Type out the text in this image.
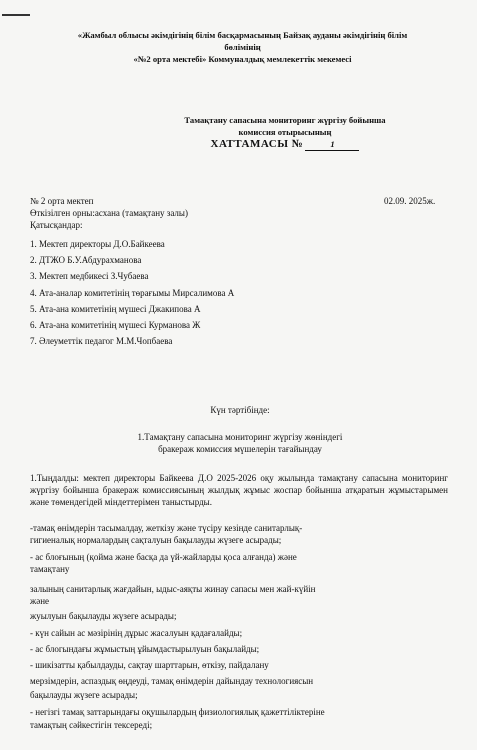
«Жамбыл облысы әкімдігінің білім басқармасының Байзақ ауданы әкімдігінің білім
бөлімінің
«№2 орта мектебі» Коммуналдық мемлекеттік мекемесі
Тамақтану сапасына мониторинг жүргізу бойынша
комиссия отырысының
ХАТТАМАСЫ №	1
№ 2 орта мектеп	02.09. 2025ж.
Өткізілген орны:асхана (тамақтану залы)
Қатысқандар:
1. Мектеп директоры Д.О.Байкеева
2. ДТЖО Б.У.Абдурахманова
3. Мектеп медбикесі З.Чубаева
4. Ата-аналар комитетінің төрағымы Мирсалимова А
5. Ата-ана комитетінің мүшесі Джакипова А
6. Ата-ана комитетінің мүшесі Курманова Ж
7. Әлеуметтік педагог М.М.Чопбаева
Күн тәртібінде:
1.Тамақтану сапасына мониторинг жүргізу жөніндегі
бракераж комиссия мүшелерін тағайындау
1.Тыңдалды: мектеп директоры Байкеева Д.О 2025-2026 оқу жылында тамақтану сапасына мониторинг жүргізу бойынша бракераж комиссиясының жылдық жұмыс жоспар бойынша атқаратын жұмыстарымен және төмендегідей міндеттерімен таныстырды.
-тамақ өнімдерін тасымалдау, жеткізу және түсіру кезінде санитарлық-
гигиеналық нормалардың сақталуын бақылауды жүзеге асырады;
- ас блоғының (қойма және басқа да үй-жайларды қоса алғанда) және
тамақтану
залының санитарлық жағдайын, ыдыс-аяқты жинау сапасы мен жай-күйін
және
жуылуын бақылауды жүзеге асырады;
- күн сайын ас мәзірінің дұрыс жасалуын қадағалайды;
- ас блогындағы жұмыстың ұйымдастырылуын бақылайды;
- шикізатты қабылдауды, сақтау шарттарын, өткізу, пайдалану
мерзімдерін, аспаздық өңдеуді, тамақ өнімдерін дайындау технологиясын
бақылауды жүзеге асырады;
- негізгі тамақ заттарындағы оқушылардың физиологиялық қажеттіліктеріне
тамақтың сәйкестігін тексереді;
